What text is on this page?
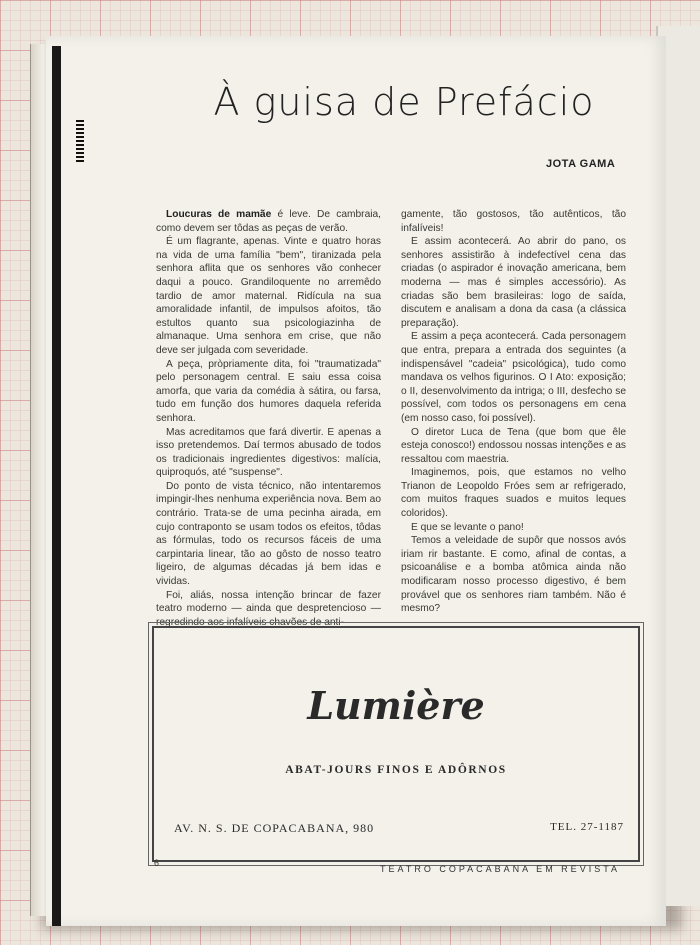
À guisa de Prefácio
JOTA GAMA

Loucuras de mamãe é leve. De cambraia, como devem ser tôdas as peças de verão.

É um flagrante, apenas. Vinte e quatro horas na vida de uma família "bem", tiranizada pela senhora aflita que os senhores vão conhecer daqui a pouco. Grandiloquente no arremêdo tardio de amor maternal. Ridícula na sua amoralidade infantil, de impulsos afoitos, tão estultos quanto sua psicologiazinha de almanaque. Uma senhora em crise, que não deve ser julgada com severidade.

A peça, pròpriamente dita, foi "traumatizada" pelo personagem central. E saiu essa coisa amorfa, que varia da comédia à sátira, ou farsa, tudo em função dos humores daquela referida senhora.

Mas acreditamos que fará divertir. E apenas a isso pretendemos. Daí termos abusado de todos os tradicionais ingredientes digestivos: malícia, quiproquós, até "suspense".

Do ponto de vista técnico, não intentaremos impingir-lhes nenhuma experiência nova. Bem ao contrário. Trata-se de uma pecinha airada, em cujo contraponto se usam todos os efeitos, tôdas as fórmulas, todo os recursos fáceis de uma carpintaria linear, tão ao gôsto de nosso teatro ligeiro, de algumas décadas já bem idas e vividas.

Foi, aliás, nossa intenção brincar de fazer teatro moderno — ainda que despretencioso — regredindo aos infalíveis chavões de anti-

gamente, tão gostosos, tão autênticos, tão infalíveis!

E assim acontecerá. Ao abrir do pano, os senhores assistirão à indefectível cena das criadas (o aspirador é inovação americana, bem moderna — mas é simples accessório). As criadas são bem brasileiras: logo de saída, discutem e analisam a dona da casa (a clássica preparação).

E assim a peça acontecerá. Cada personagem que entra, prepara a entrada dos seguintes (a indispensável "cadeia" psicológica), tudo como mandava os velhos figurinos. O I Ato: exposição; o II, desenvolvimento da intriga; o III, desfecho se possível, com todos os personagens em cena (em nosso caso, foi possível).

O diretor Luca de Tena (que bom que êle esteja conosco!) endossou nossas intenções e as ressaltou com maestria.

Imaginemos, pois, que estamos no velho Trianon de Leopoldo Fróes sem ar refrigerado, com muitos fraques suados e muitos leques coloridos).

E que se levante o pano!

Temos a veleidade de supôr que nossos avós iriam rir bastante. E como, afinal de contas, a psicoanálise e a bomba atômica ainda não modificaram nosso processo digestivo, é bem provável que os senhores riam também. Não é mesmo?

Lumière
ABAT-JOURS FINOS E ADÔRNOS
AV. N. S. DE COPACABANA, 980	TEL. 27-1187
6
TEATRO COPACABANA EM REVISTA
